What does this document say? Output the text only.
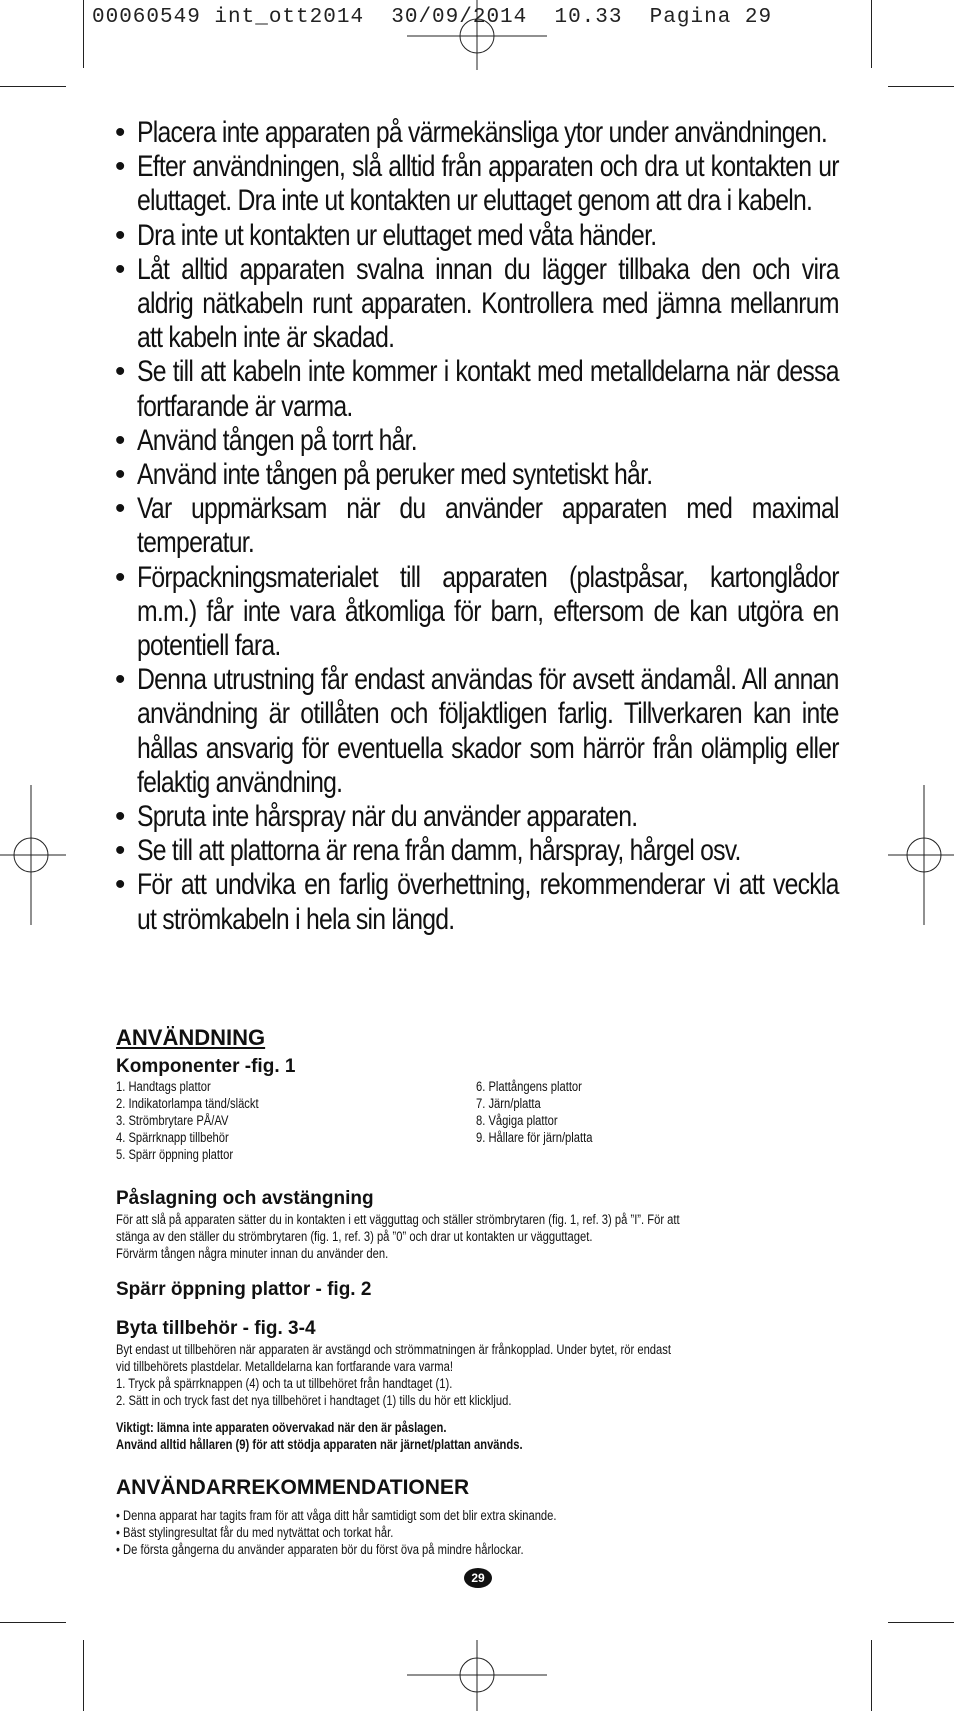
00060549 int_ott2014  30/09/2014  10.33  Pagina 29
• Placera inte apparaten på värmekänsliga ytor under användningen.
• Efter användningen, slå alltid från apparaten och dra ut kontakten ur eluttaget. Dra inte ut kontakten ur eluttaget genom att dra i kabeln.
• Dra inte ut kontakten ur eluttaget med våta händer.
• Låt alltid apparaten svalna innan du lägger tillbaka den och vira aldrig nätkabeln runt apparaten. Kontrollera med jämna mellanrum att kabeln inte är skadad.
• Se till att kabeln inte kommer i kontakt med metalldelarna när dessa fortfarande är varma.
• Använd tången på torrt hår.
• Använd inte tången på peruker med syntetiskt hår.
• Var uppmärksam när du använder apparaten med maximal temperatur.
• Förpackningsmaterialet till apparaten (plastpåsar, kartonglådor m.m.) får inte vara åtkomliga för barn, eftersom de kan utgöra en potentiell fara.
• Denna utrustning får endast användas för avsett ändamål. All annan användning är otillåten och följaktligen farlig. Tillverkaren kan inte hållas ansvarig för eventuella skador som härrör från olämplig eller felaktig användning.
• Spruta inte hårspray när du använder apparaten.
• Se till att plattorna är rena från damm, hårspray, hårgel osv.
• För att undvika en farlig överhettning, rekommenderar vi att veckla ut strömkabeln i hela sin längd.
ANVÄNDNING
Komponenter -fig. 1
1. Handtags plattor
2. Indikatorlampa tänd/släckt
3. Strömbrytare PÅ/AV
4. Spärrknapp tillbehör
5. Spärr öppning plattor
6. Plattångens plattor
7. Järn/platta
8. Vågiga plattor
9. Hållare för järn/platta
Påslagning och avstängning
För att slå på apparaten sätter du in kontakten i ett vägguttag och ställer strömbrytaren (fig. 1, ref. 3) på ”I”. För att
stänga av den ställer du strömbrytaren (fig. 1, ref. 3) på ”0” och drar ut kontakten ur vägguttaget.
Förvärm tången några minuter innan du använder den.
Spärr öppning plattor - fig. 2
Byta tillbehör - fig. 3-4
Byt endast ut tillbehören när apparaten är avstängd och strömmatningen är frånkopplad. Under bytet, rör endast
vid tillbehörets plastdelar. Metalldelarna kan fortfarande vara varma!
1. Tryck på spärrknappen (4) och ta ut tillbehöret från handtaget (1).
2. Sätt in och tryck fast det nya tillbehöret i handtaget (1) tills du hör ett klickljud.
Viktigt: lämna inte apparaten oövervakad när den är påslagen.
Använd alltid hållaren (9) för att stödja apparaten när järnet/plattan används.
ANVÄNDARREKOMMENDATIONER
• Denna apparat har tagits fram för att våga ditt hår samtidigt som det blir extra skinande.
• Bäst stylingresultat får du med nytvättat och torkat hår.
• De första gångerna du använder apparaten bör du först öva på mindre hårlockar.
29
